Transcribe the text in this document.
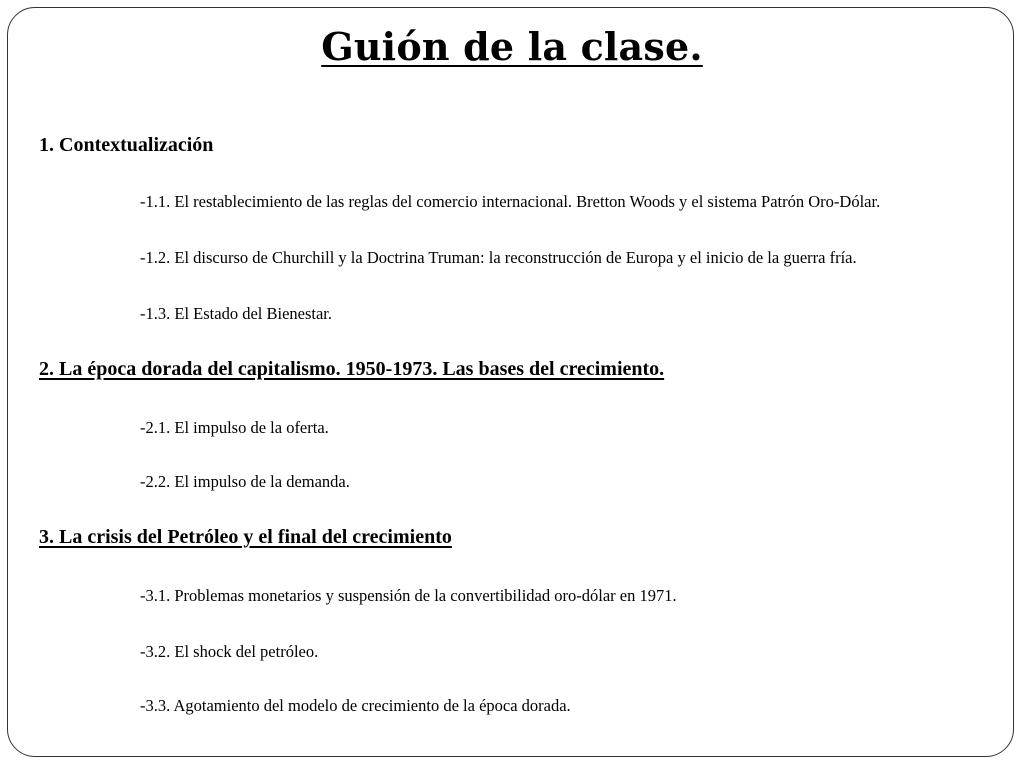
Guión de la clase.
1. Contextualización
-1.1. El restablecimiento de las reglas del comercio internacional. Bretton Woods y el sistema Patrón Oro-Dólar.
-1.2. El discurso de Churchill y la Doctrina Truman: la reconstrucción de Europa y el inicio de la guerra fría.
-1.3. El Estado del Bienestar.
2. La época dorada del capitalismo. 1950-1973. Las bases del crecimiento.
-2.1. El impulso de la oferta.
-2.2. El impulso de la demanda.
3. La crisis del Petróleo y el final del crecimiento
-3.1. Problemas monetarios y suspensión de la convertibilidad oro-dólar en 1971.
-3.2. El shock del petróleo.
-3.3. Agotamiento del modelo de crecimiento de la época dorada.
